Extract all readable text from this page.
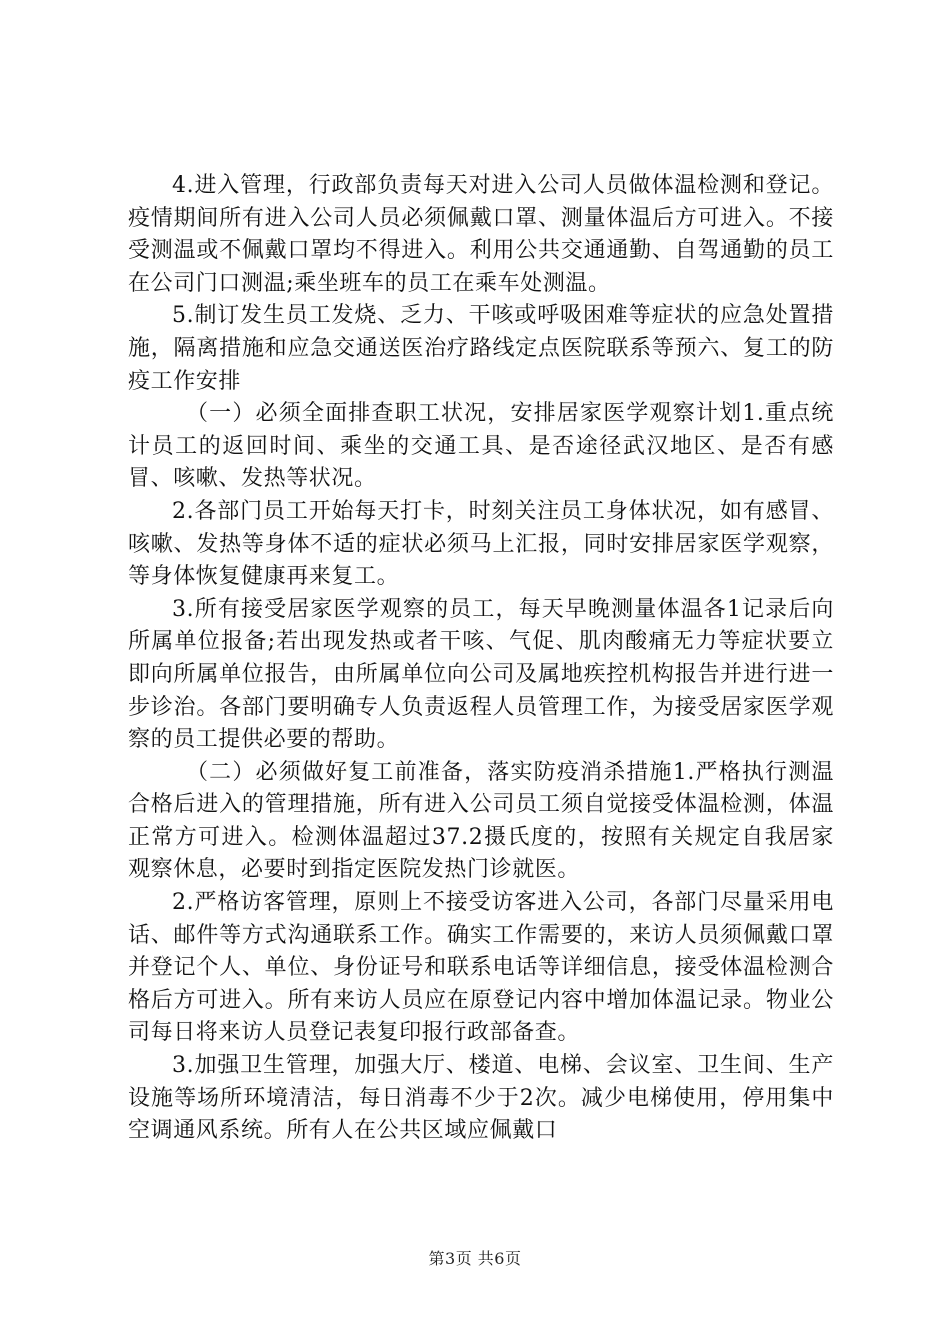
4.进入管理，行政部负责每天对进入公司人员做体温检测和登记。疫情期间所有进入公司人员必须佩戴口罩、测量体温后方可进入。不接受测温或不佩戴口罩均不得进入。利用公共交通通勤、自驾通勤的员工在公司门口测温;乘坐班车的员工在乘车处测温。

5.制订发生员工发烧、乏力、干咳或呼吸困难等症状的应急处置措施，隔离措施和应急交通送医治疗路线定点医院联系等预六、复工的防疫工作安排

（一）必须全面排查职工状况，安排居家医学观察计划1.重点统计员工的返回时间、乘坐的交通工具、是否途径武汉地区、是否有感冒、咳嗽、发热等状况。

2.各部门员工开始每天打卡，时刻关注员工身体状况，如有感冒、咳嗽、发热等身体不适的症状必须马上汇报，同时安排居家医学观察，等身体恢复健康再来复工。

3.所有接受居家医学观察的员工，每天早晚测量体温各1记录后向所属单位报备;若出现发热或者干咳、气促、肌肉酸痛无力等症状要立即向所属单位报告，由所属单位向公司及属地疾控机构报告并进行进一步诊治。各部门要明确专人负责返程人员管理工作，为接受居家医学观察的员工提供必要的帮助。

（二）必须做好复工前准备，落实防疫消杀措施1.严格执行测温合格后进入的管理措施，所有进入公司员工须自觉接受体温检测，体温正常方可进入。检测体温超过37.2摄氏度的，按照有关规定自我居家观察休息，必要时到指定医院发热门诊就医。

2.严格访客管理，原则上不接受访客进入公司，各部门尽量采用电话、邮件等方式沟通联系工作。确实工作需要的，来访人员须佩戴口罩并登记个人、单位、身份证号和联系电话等详细信息，接受体温检测合格后方可进入。所有来访人员应在原登记内容中增加体温记录。物业公司每日将来访人员登记表复印报行政部备查。

3.加强卫生管理，加强大厅、楼道、电梯、会议室、卫生间、生产设施等场所环境清洁，每日消毒不少于2次。减少电梯使用，停用集中空调通风系统。所有人在公共区域应佩戴口

第3页 共6页
